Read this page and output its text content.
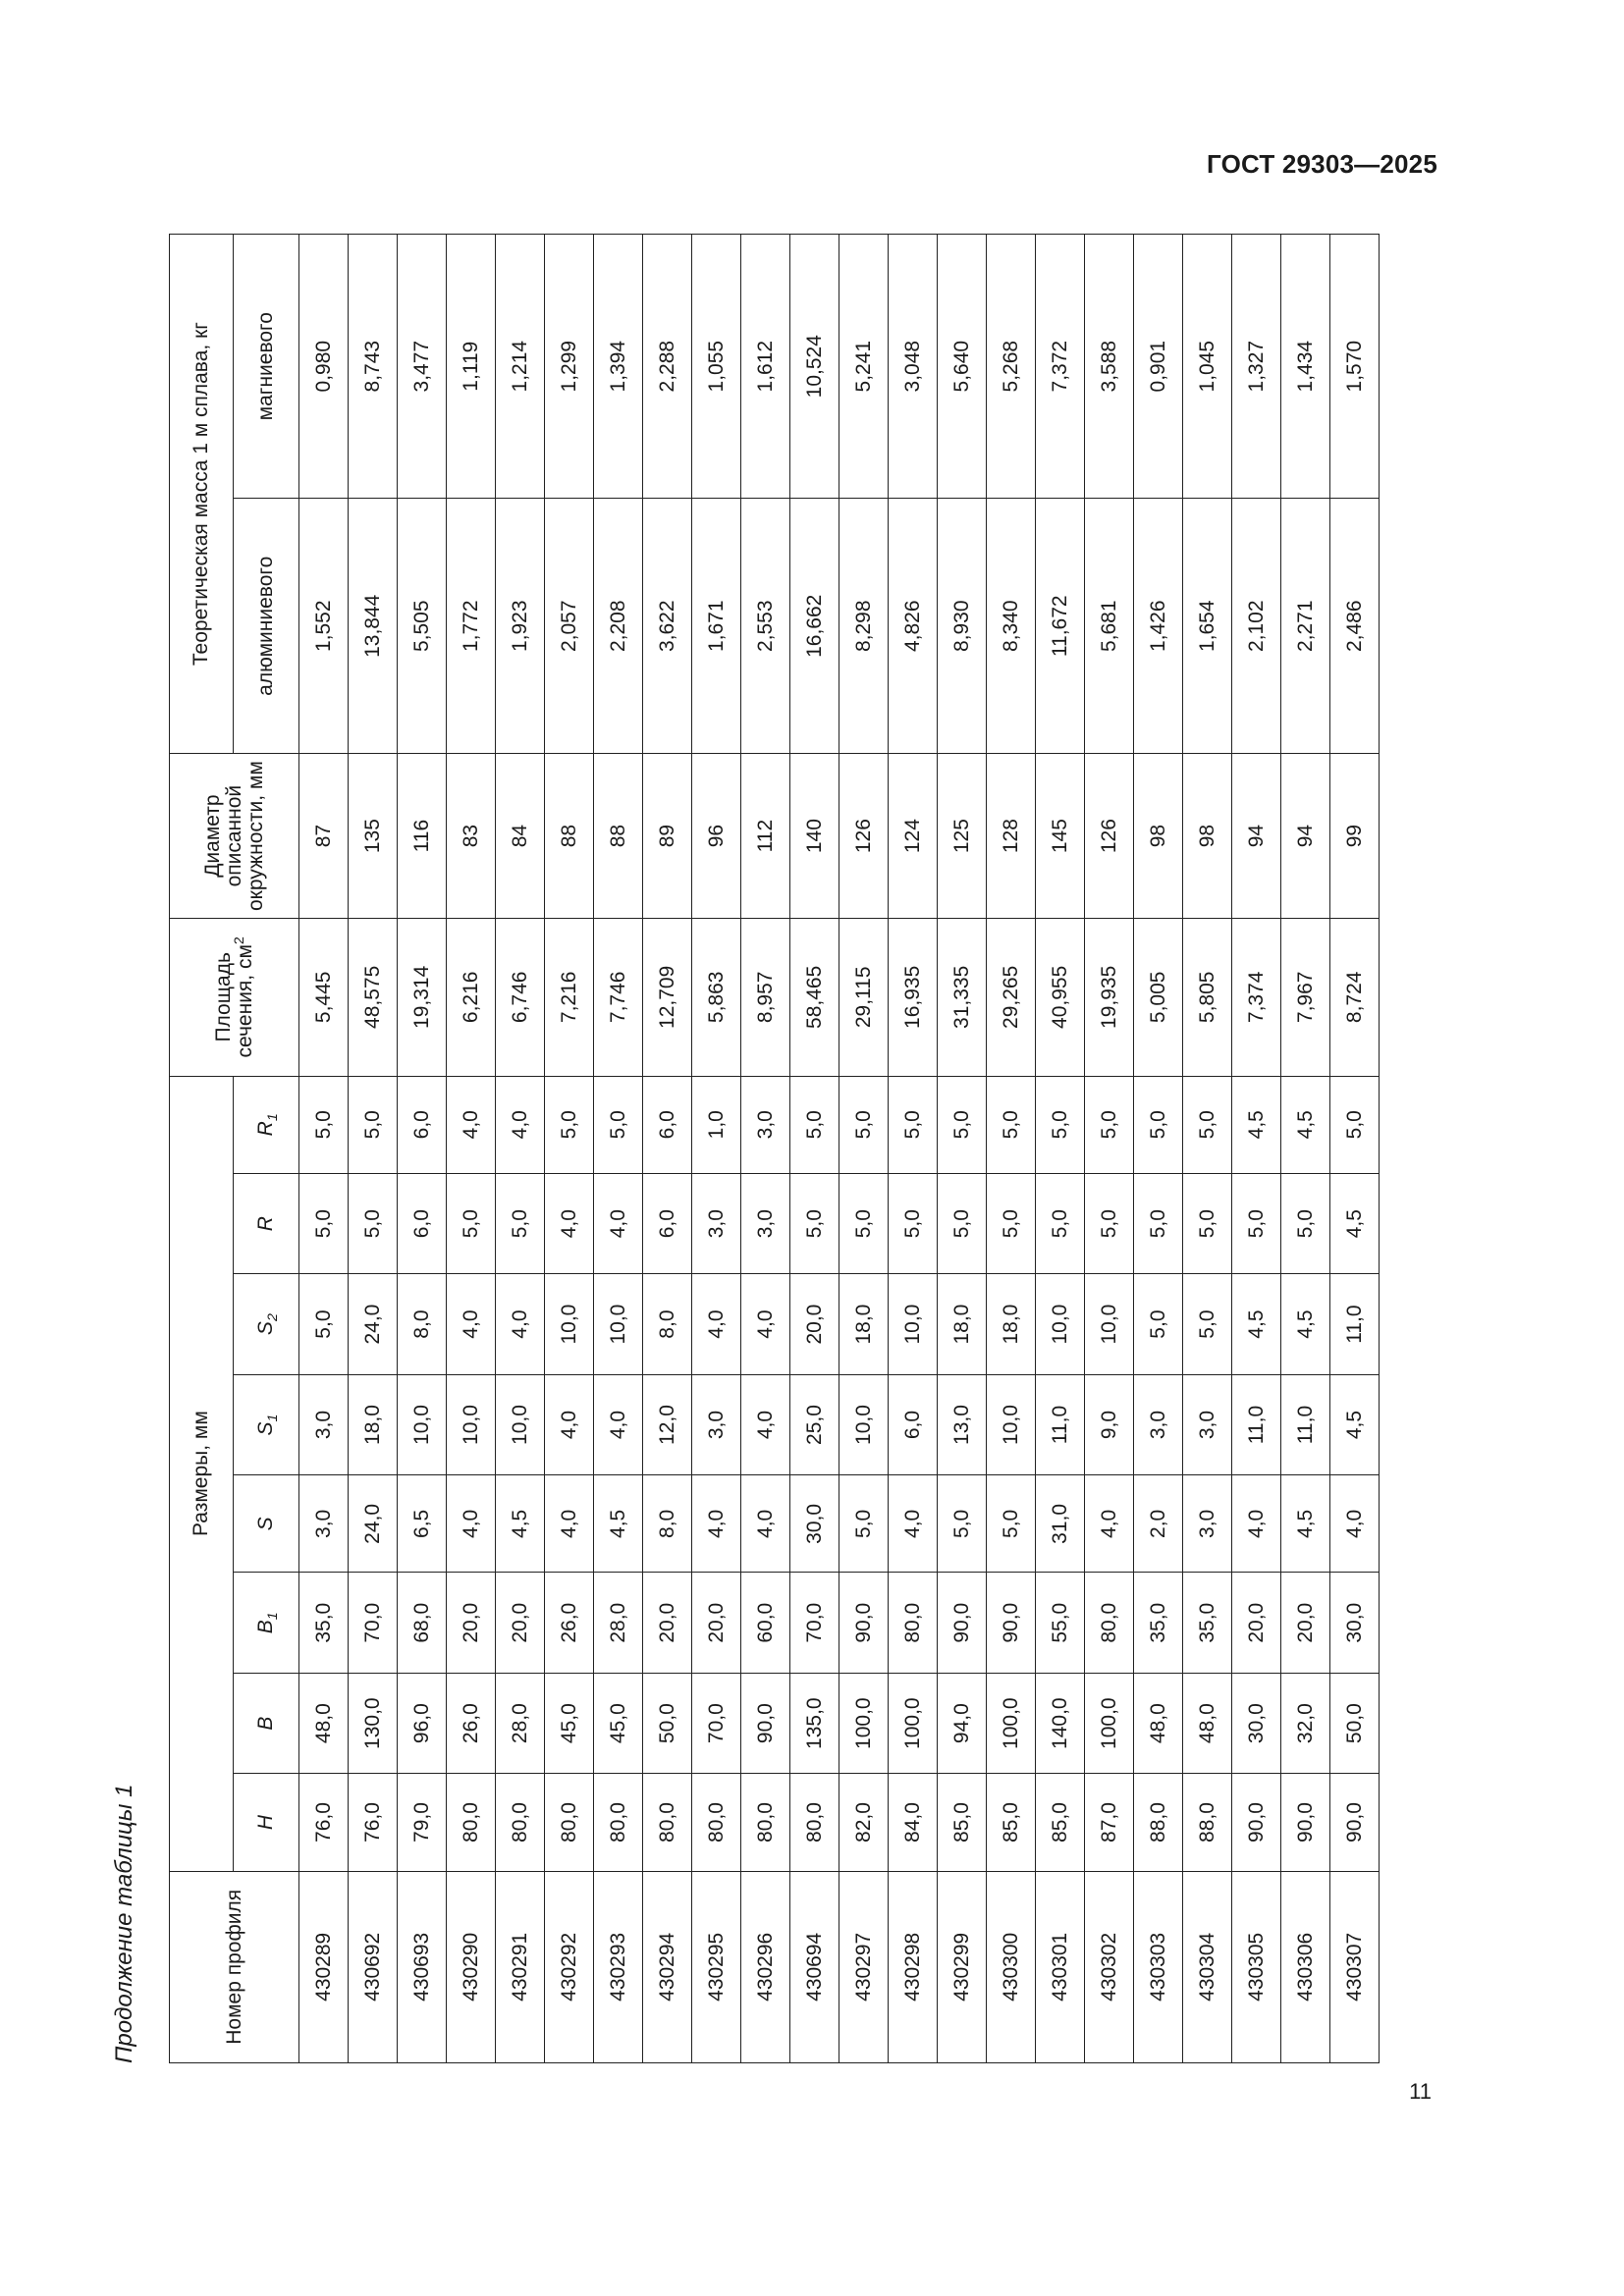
ГОСТ 29303—2025
Продолжение таблицы 1	Номер профиля	Размеры, мм								Площадь сечения, $см^2$	Диаметр описанной окружности, мм	Теоретическая масса 1 м сплава, кг	
	H	B	$B_1$	S	$S_1$	$S_2$	R	$R_1$			алюминиевого	магниевого
430289	76,0	48,0	35,0	3,0	3,0	5,0	5,0	5,0	5,445	87	1,552	0,980
430692	76,0	130,0	70,0	24,0	18,0	24,0	5,0	5,0	48,575	135	13,844	8,743
430693	79,0	96,0	68,0	6,5	10,0	8,0	6,0	6,0	19,314	116	5,505	3,477
430290	80,0	26,0	20,0	4,0	10,0	4,0	5,0	4,0	6,216	83	1,772	1,119
430291	80,0	28,0	20,0	4,5	10,0	4,0	5,0	4,0	6,746	84	1,923	1,214
430292	80,0	45,0	26,0	4,0	4,0	10,0	4,0	5,0	7,216	88	2,057	1,299
430293	80,0	45,0	28,0	4,5	4,0	10,0	4,0	5,0	7,746	88	2,208	1,394
430294	80,0	50,0	20,0	8,0	12,0	8,0	6,0	6,0	12,709	89	3,622	2,288
430295	80,0	70,0	20,0	4,0	3,0	4,0	3,0	1,0	5,863	96	1,671	1,055
430296	80,0	90,0	60,0	4,0	4,0	4,0	3,0	3,0	8,957	112	2,553	1,612
430694	80,0	135,0	70,0	30,0	25,0	20,0	5,0	5,0	58,465	140	16,662	10,524
430297	82,0	100,0	90,0	5,0	10,0	18,0	5,0	5,0	29,115	126	8,298	5,241
430298	84,0	100,0	80,0	4,0	6,0	10,0	5,0	5,0	16,935	124	4,826	3,048
430299	85,0	94,0	90,0	5,0	13,0	18,0	5,0	5,0	31,335	125	8,930	5,640
430300	85,0	100,0	90,0	5,0	10,0	18,0	5,0	5,0	29,265	128	8,340	5,268
430301	85,0	140,0	55,0	31,0	11,0	10,0	5,0	5,0	40,955	145	11,672	7,372
430302	87,0	100,0	80,0	4,0	9,0	10,0	5,0	5,0	19,935	126	5,681	3,588
430303	88,0	48,0	35,0	2,0	3,0	5,0	5,0	5,0	5,005	98	1,426	0,901
430304	88,0	48,0	35,0	3,0	3,0	5,0	5,0	5,0	5,805	98	1,654	1,045
430305	90,0	30,0	20,0	4,0	11,0	4,5	5,0	4,5	7,374	94	2,102	1,327
430306	90,0	32,0	20,0	4,5	11,0	4,5	5,0	4,5	7,967	94	2,271	1,434
430307	90,0	50,0	30,0	4,0	4,5	11,0	4,5	5,0	8,724	99	2,486	1,570
11
